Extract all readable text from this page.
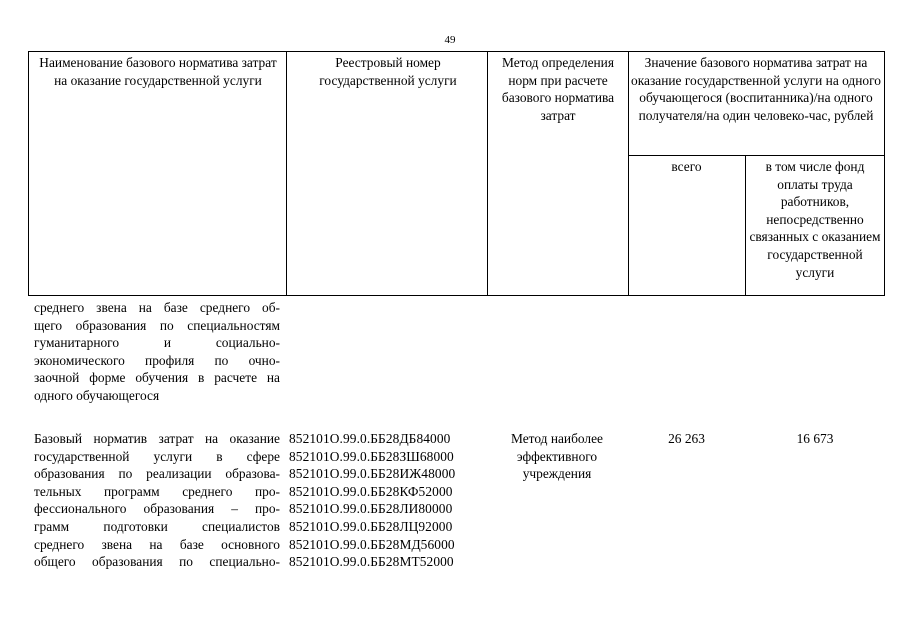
49
Наименование базового норматива затрат на оказание государственной услуги
Реестровый номер государственной услуги
Метод определения норм при расчете базового норматива затрат
Значение базового норматива затрат на оказание государственной услуги на одного обучающегося (воспитанника)/на одного получателя/на один человеко-час, рублей
всего	в том числе фонд оплаты труда работников, непосредственно связанных с оказанием государственной услуги
среднего звена на базе среднего об-
щего образования по специальностям
гуманитарного и социально-
экономического профиля по очно-
заочной форме обучения в расчете на
одного обучающегося
Базовый норматив затрат на оказание
государственной услуги в сфере
образования по реализации образова-
тельных программ среднего про-
фессионального образования – про-
грамм подготовки специалистов
среднего звена на базе основного
общего образования по специально-
852101О.99.0.ББ28ДБ84000
852101О.99.0.ББ28ЗШ68000
852101О.99.0.ББ28ИЖ48000
852101О.99.0.ББ28КФ52000
852101О.99.0.ББ28ЛИ80000
852101О.99.0.ББ28ЛЦ92000
852101О.99.0.ББ28МД56000
852101О.99.0.ББ28МТ52000
Метод наиболее эффективного учреждения
26 263	16 673
